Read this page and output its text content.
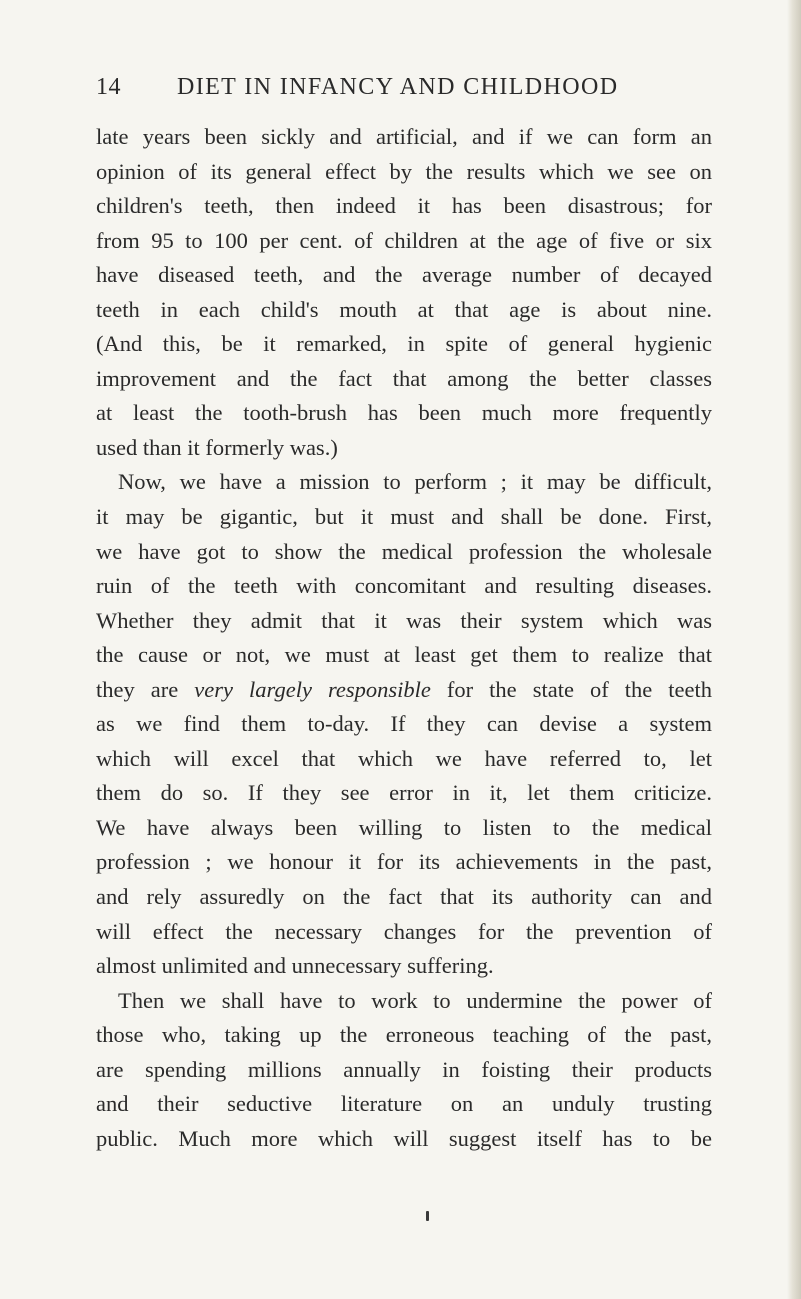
14 DIET IN INFANCY AND CHILDHOOD
late years been sickly and artificial, and if we can form an
opinion of its general effect by the results which we see on
children's teeth, then indeed it has been disastrous; for
from 95 to 100 per cent. of children at the age of five or six
have diseased teeth, and the average number of decayed
teeth in each child's mouth at that age is about nine.
(And this, be it remarked, in spite of general hygienic
improvement and the fact that among the better classes
at least the tooth-brush has been much more frequently
used than it formerly was.)
Now, we have a mission to perform ; it may be difficult,
it may be gigantic, but it must and shall be done. First,
we have got to show the medical profession the wholesale
ruin of the teeth with concomitant and resulting diseases.
Whether they admit that it was their system which was
the cause or not, we must at least get them to realize that
they are very largely responsible for the state of the teeth
as we find them to-day. If they can devise a system
which will excel that which we have referred to, let
them do so. If they see error in it, let them criticize.
We have always been willing to listen to the medical
profession ; we honour it for its achievements in the past,
and rely assuredly on the fact that its authority can and
will effect the necessary changes for the prevention of
almost unlimited and unnecessary suffering.
Then we shall have to work to undermine the power of
those who, taking up the erroneous teaching of the past,
are spending millions annually in foisting their products
and their seductive literature on an unduly trusting
public. Much more which will suggest itself has to be
